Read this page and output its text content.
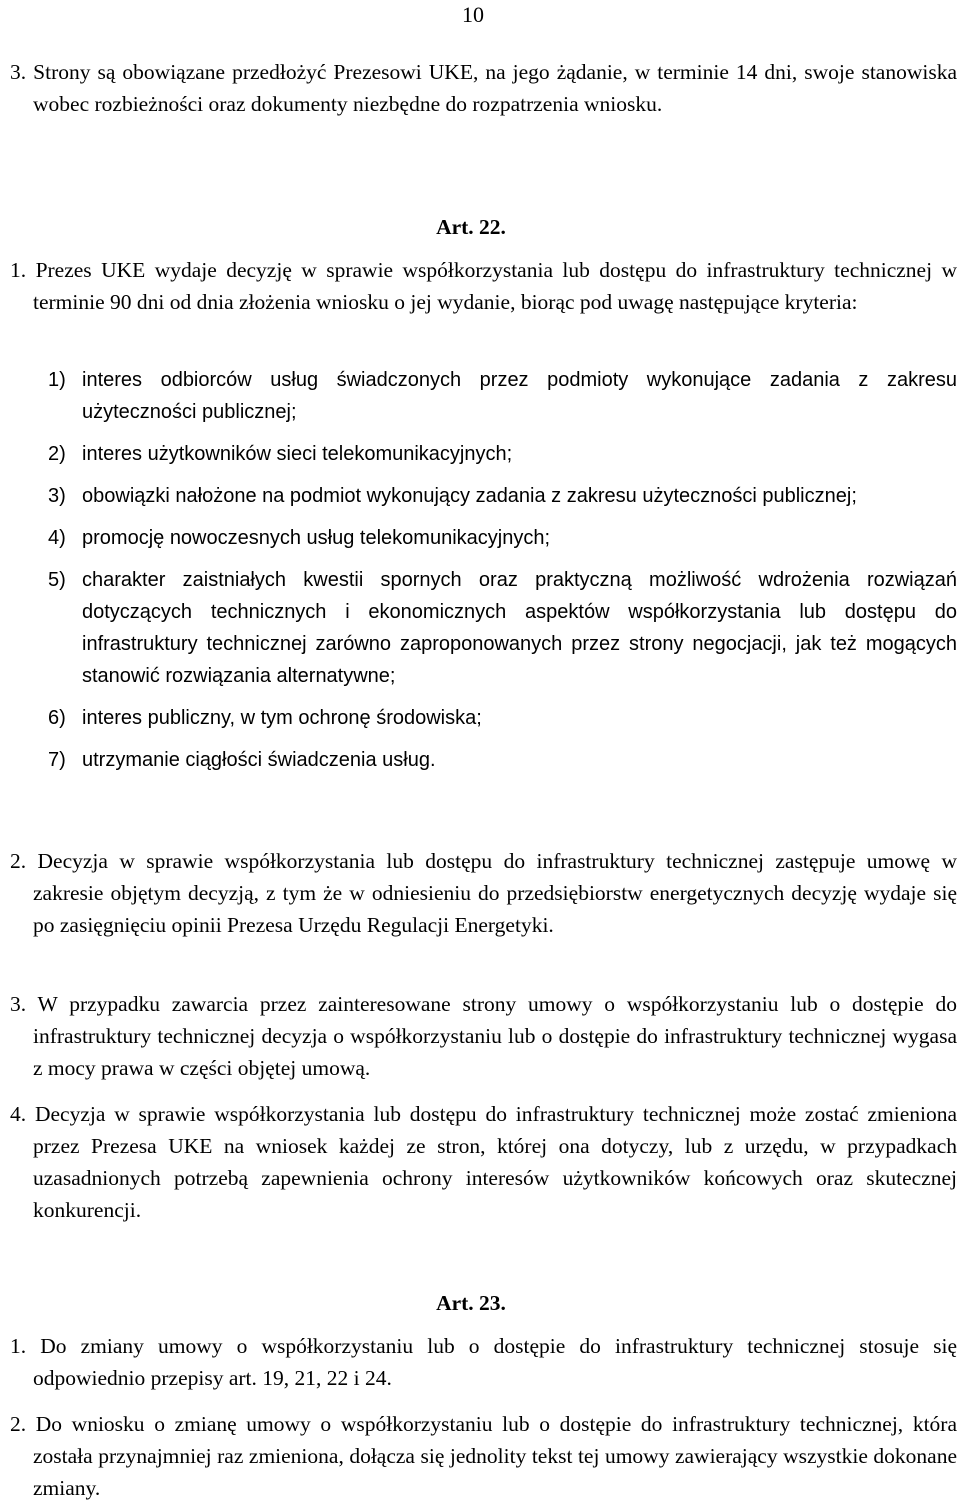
10
3. Strony są obowiązane przedłożyć Prezesowi UKE, na jego żądanie, w terminie 14 dni, swoje stanowiska wobec rozbieżności oraz dokumenty niezbędne do rozpatrzenia wniosku.
Art. 22.
1. Prezes UKE wydaje decyzję w sprawie współkorzystania lub dostępu do infrastruktury technicznej w terminie 90 dni od dnia złożenia wniosku o jej wydanie, biorąc pod uwagę następujące kryteria:
1) interes odbiorców usług świadczonych przez podmioty wykonujące zadania z zakresu użyteczności publicznej;
2) interes użytkowników sieci telekomunikacyjnych;
3) obowiązki nałożone na podmiot wykonujący zadania z zakresu użyteczności publicznej;
4) promocję nowoczesnych usług telekomunikacyjnych;
5) charakter zaistniałych kwestii spornych oraz praktyczną możliwość wdrożenia rozwiązań dotyczących technicznych i ekonomicznych aspektów współkorzystania lub dostępu do infrastruktury technicznej zarówno zaproponowanych przez strony negocjacji, jak też mogących stanowić rozwiązania alternatywne;
6) interes publiczny, w tym ochronę środowiska;
7) utrzymanie ciągłości świadczenia usług.
2. Decyzja w sprawie współkorzystania lub dostępu do infrastruktury technicznej zastępuje umowę w zakresie objętym decyzją, z tym że w odniesieniu do przedsiębiorstw energetycznych decyzję wydaje się po zasięgnięciu opinii Prezesa Urzędu Regulacji Energetyki.
3. W przypadku zawarcia przez zainteresowane strony umowy o współkorzystaniu lub o dostępie do infrastruktury technicznej decyzja o współkorzystaniu lub o dostępie do infrastruktury technicznej wygasa z mocy prawa w części objętej umową.
4. Decyzja w sprawie współkorzystania lub dostępu do infrastruktury technicznej może zostać zmieniona przez Prezesa UKE na wniosek każdej ze stron, której ona dotyczy, lub z urzędu, w przypadkach uzasadnionych potrzebą zapewnienia ochrony interesów użytkowników końcowych oraz skutecznej konkurencji.
Art. 23.
1. Do zmiany umowy o współkorzystaniu lub o dostępie do infrastruktury technicznej stosuje się odpowiednio przepisy art. 19, 21, 22 i 24.
2. Do wniosku o zmianę umowy o współkorzystaniu lub o dostępie do infrastruktury technicznej, która została przynajmniej raz zmieniona, dołącza się jednolity tekst tej umowy zawierający wszystkie dokonane zmiany.
